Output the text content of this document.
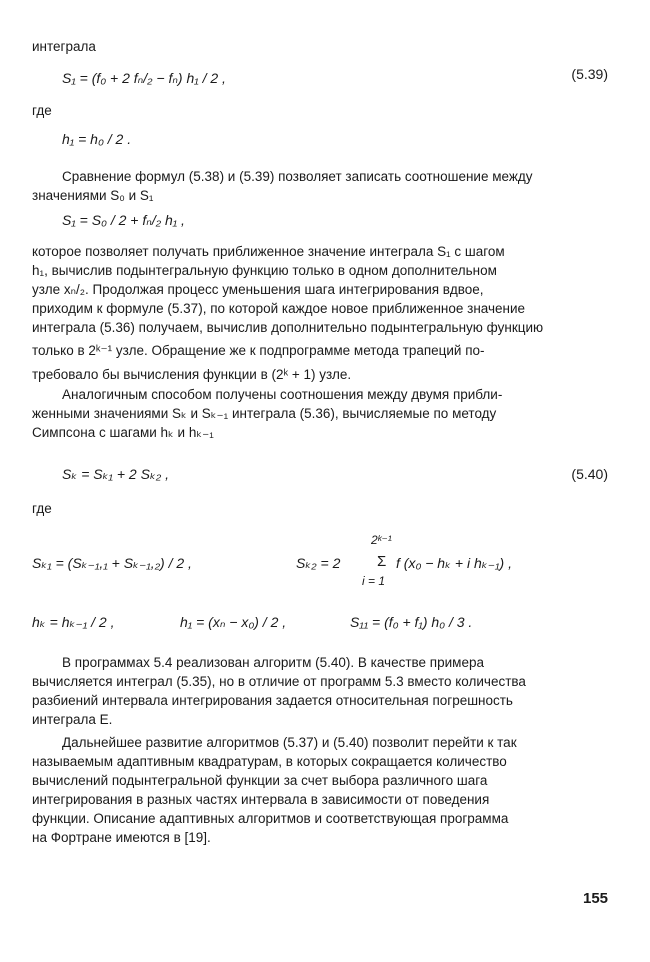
интеграла
S₁ = (f₀ + 2 fₙ/₂ − fₙ) h₁ / 2 ,	(5.39)
где
h₁ = h₀ / 2 .
Сравнение формул (5.38) и (5.39) позволяет записать соотношение между
значениями S₀ и S₁
S₁ = S₀ / 2 + fₙ/₂ h₁ ,
которое позволяет получать приближенное значение интеграла S₁ с шагом
h₁, вычислив подынтегральную функцию только в одном дополнительном
узле xₙ/₂. Продолжая процесс уменьшения шага интегрирования вдвое,
приходим к формуле (5.37), по которой каждое новое приближенное значение
интеграла (5.36) получаем, вычислив дополнительно подынтегральную функцию
только в 2ᵏ⁻¹ узле. Обращение же к подпрограмме метода трапеций по-
требовало бы вычисления функции в (2ᵏ + 1) узле.
Аналогичным способом получены соотношения между двумя прибли-
женными значениями Sₖ и Sₖ₋₁ интеграла (5.36), вычисляемые по методу
Симпсона с шагами hₖ и hₖ₋₁
Sₖ = Sₖ₁ + 2 Sₖ₂ ,	(5.40)
где
Sₖ₁ = (Sₖ₋₁,₁ + Sₖ₋₁,₂) / 2 ,	Sₖ₂ = 2
2ᵏ⁻¹
Σ
i = 1
f (x₀ − hₖ + i hₖ₋₁) ,
hₖ = hₖ₋₁ / 2 ,	h₁ = (xₙ − x₀) / 2 ,	S₁₁ = (f₀ + f₁) h₀ / 3 .
В программах 5.4 реализован алгоритм (5.40). В качестве примера
вычисляется интеграл (5.35), но в отличие от программ 5.3 вместо количества
разбиений интервала интегрирования задается относительная погрешность
интеграла Е.
Дальнейшее развитие алгоритмов (5.37) и (5.40) позволит перейти к так
называемым адаптивным квадратурам, в которых сокращается количество
вычислений подынтегральной функции за счет выбора различного шага
интегрирования в разных частях интервала в зависимости от поведения
функции. Описание адаптивных алгоритмов и соответствующая программа
на Фортране имеются в [19].
155
